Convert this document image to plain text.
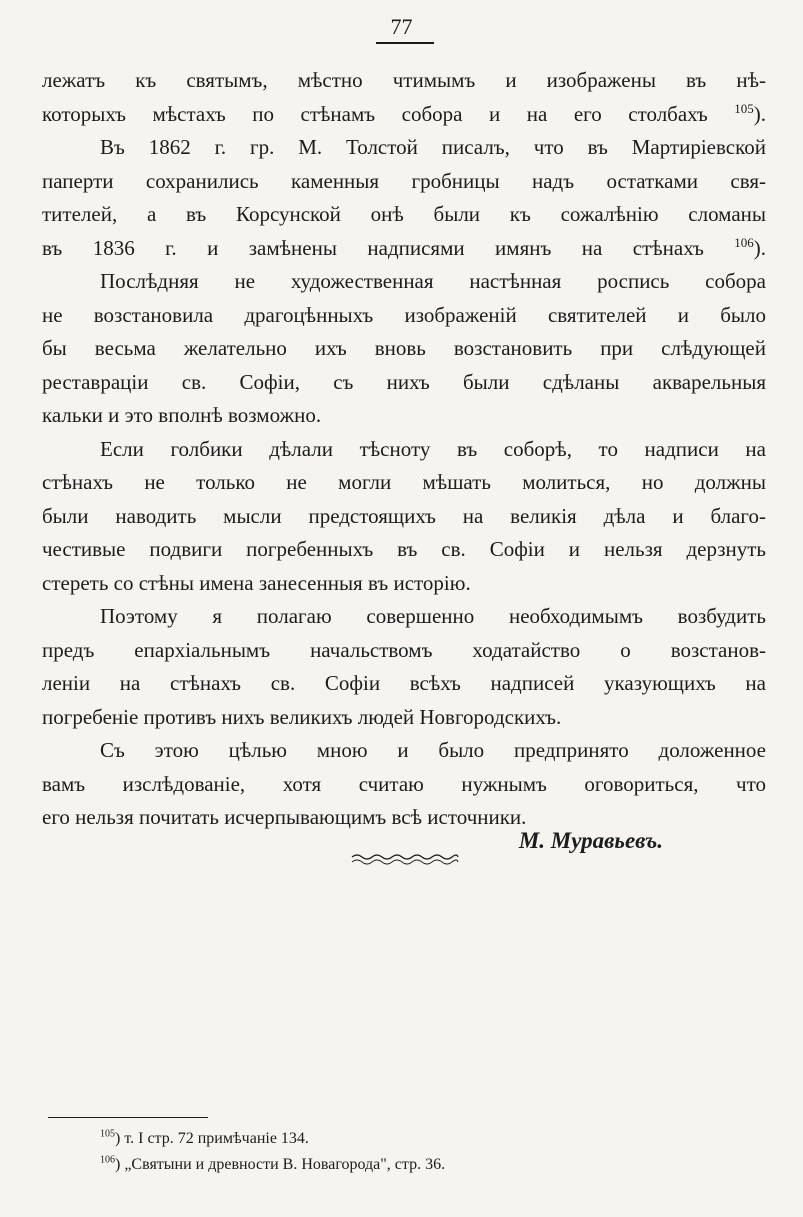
77

лежатъ къ святымъ, мѣстно чтимымъ и изображены въ нѣ-
которыхъ мѣстахъ по стѣнамъ собора и на его столбахъ $^{105}$).

Въ 1862 г. гр. М. Толстой писалъ, что въ Мартиріевской
паперти сохранились каменныя гробницы надъ остатками свя-
тителей, а въ Корсунской онѣ были къ сожалѣнію сломаны
въ 1836 г. и замѣнены надписями имянъ на стѣнахъ $^{106}$).

Послѣдняя не художественная настѣнная роспись собора
не возстановила драгоцѣнныхъ изображенiй святителей и было
бы весьма желательно ихъ вновь возстановить при слѣдующей
реставраціи св. Софіи, съ нихъ были сдѣланы акварельныя
кальки и это вполнѣ возможно.

Если голбики дѣлали тѣсноту въ соборѣ, то надписи на
стѣнахъ не только не могли мѣшать молиться, но должны
были наводить мысли предстоящихъ на великія дѣла и благо-
честивые подвиги погребенныхъ въ св. Софіи и нельзя дерзнуть
стереть со стѣны имена занесенныя въ исторію.

Поэтому я полагаю совершенно необходимымъ возбудить
предъ епархіальнымъ начальствомъ ходатайство о возстанов-
леніи на стѣнахъ св. Софіи всѣхъ надписей указующихъ на
погребеніе противъ нихъ великихъ людей Новгородскихъ.

Съ этою цѣлью мною и было предпринято доложенное
вамъ изслѣдованіе, хотя считаю нужнымъ оговориться, что
его нельзя почитать исчерпывающимъ всѣ источники.

М. Муравьевъ.
$^{105}$) т. I стр. 72 примѣчаніе 134.
$^{106}$) „Святыни и древности В. Новагорода", стр. 36.
